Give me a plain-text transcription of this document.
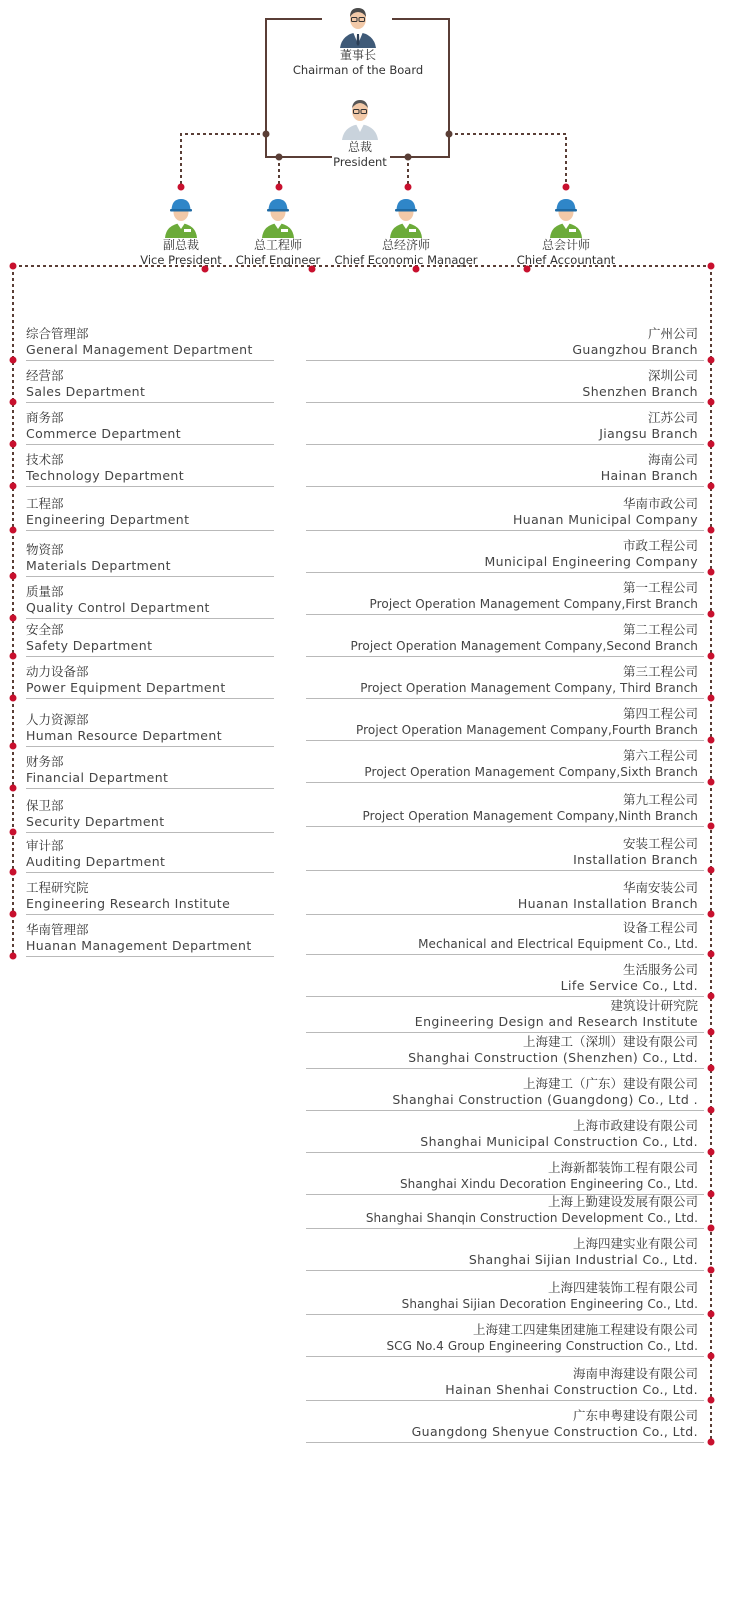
董事长
Chairman of the Board
总裁
President
副总裁
Vice President
总工程师
Chief Engineer
总经济师
Chief Economic Manager
总会计师
Chief Accountant
综合管理部
General Management Department
经营部
Sales Department
商务部
Commerce Department
技术部
Technology Department
工程部
Engineering Department
物资部
Materials Department
质量部
Quality Control Department
安全部
Safety Department
动力设备部
Power Equipment Department
人力资源部
Human Resource Department
财务部
Financial Department
保卫部
Security Department
审计部
Auditing Department
工程研究院
Engineering Research Institute
华南管理部
Huanan Management Department
广州公司
Guangzhou Branch
深圳公司
Shenzhen Branch
江苏公司
Jiangsu Branch
海南公司
Hainan Branch
华南市政公司
Huanan Municipal Company
市政工程公司
Municipal Engineering Company
第一工程公司
Project Operation Management Company,First Branch
第二工程公司
Project Operation Management Company,Second Branch
第三工程公司
Project Operation Management Company, Third Branch
第四工程公司
Project Operation Management Company,Fourth Branch
第六工程公司
Project Operation Management Company,Sixth Branch
第九工程公司
Project Operation Management Company,Ninth Branch
安装工程公司
Installation Branch
华南安装公司
Huanan Installation Branch
设备工程公司
Mechanical and Electrical Equipment Co., Ltd.
生活服务公司
Life Service Co., Ltd.
建筑设计研究院
Engineering Design and Research Institute
上海建工（深圳）建设有限公司
Shanghai Construction (Shenzhen) Co., Ltd.
上海建工（广东）建设有限公司
Shanghai Construction (Guangdong) Co., Ltd .
上海市政建设有限公司
Shanghai Municipal Construction Co., Ltd.
上海新都装饰工程有限公司
Shanghai Xindu Decoration Engineering Co., Ltd.
上海上勤建设发展有限公司
Shanghai Shanqin Construction Development Co., Ltd.
上海四建实业有限公司
Shanghai Sijian Industrial Co., Ltd.
上海四建装饰工程有限公司
Shanghai Sijian Decoration Engineering Co., Ltd.
上海建工四建集团建施工程建设有限公司
SCG No.4 Group Engineering Construction Co., Ltd.
海南申海建设有限公司
Hainan Shenhai Construction Co., Ltd.
广东申粤建设有限公司
Guangdong Shenyue Construction Co., Ltd.
